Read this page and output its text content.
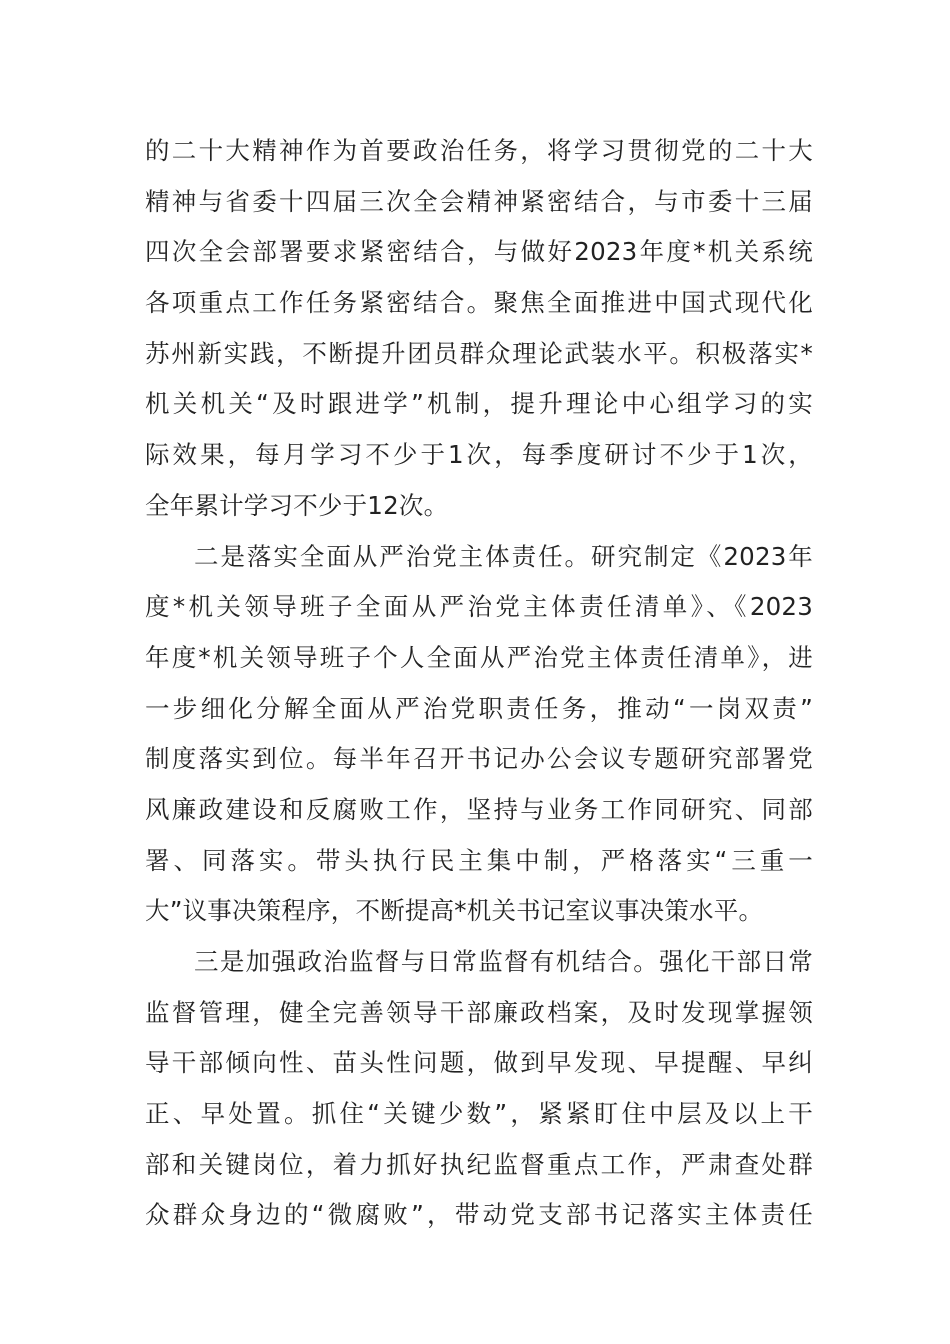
的二十大精神作为首要政治任务，将学习贯彻党的二十大
精神与省委十四届三次全会精神紧密结合，与市委十三届
四次全会部署要求紧密结合，与做好2023年度*机关系统
各项重点工作任务紧密结合。聚焦全面推进中国式现代化
苏州新实践，不断提升团员群众理论武装水平。积极落实*
机关机关“及时跟进学”机制，提升理论中心组学习的实
际效果，每月学习不少于1次，每季度研讨不少于1次，
全年累计学习不少于12次。
二是落实全面从严治党主体责任。研究制定《2023年
度*机关领导班子全面从严治党主体责任清单》、《2023
年度*机关领导班子个人全面从严治党主体责任清单》，进
一步细化分解全面从严治党职责任务，推动“一岗双责”
制度落实到位。每半年召开书记办公会议专题研究部署党
风廉政建设和反腐败工作，坚持与业务工作同研究、同部
署、同落实。带头执行民主集中制，严格落实“三重一
大”议事决策程序，不断提高*机关书记室议事决策水平。
三是加强政治监督与日常监督有机结合。强化干部日常
监督管理，健全完善领导干部廉政档案，及时发现掌握领
导干部倾向性、苗头性问题，做到早发现、早提醒、早纠
正、早处置。抓住“关键少数”，紧紧盯住中层及以上干
部和关键岗位，着力抓好执纪监督重点工作，严肃查处群
众群众身边的“微腐败”，带动党支部书记落实主体责任
